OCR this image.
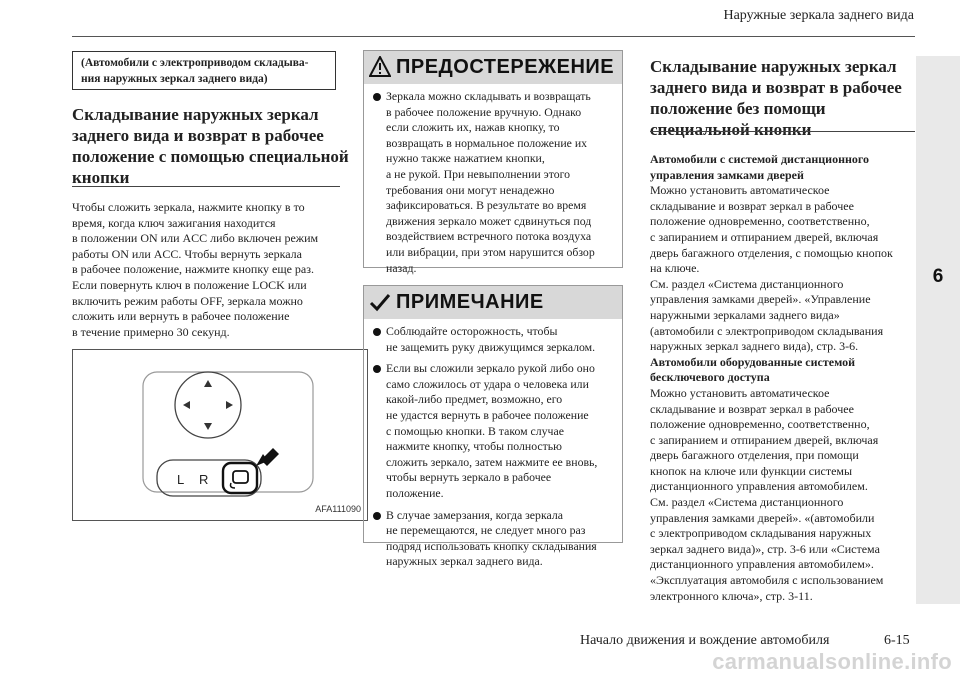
Наружные зеркала заднего вида
6
(Автомобили с электроприводом складыва-
ния наружных зеркал заднего вида)
Складывание наружных зеркал
заднего вида и возврат в рабочее
положение с помощью специальной
кнопки
Чтобы сложить зеркала, нажмите кнопку в то
время, когда ключ зажигания находится
в положении ON или ACC либо включен режим
работы ON или ACC. Чтобы вернуть зеркала
в рабочее положение, нажмите кнопку еще раз.
Если повернуть ключ в положение LOCK или
включить режим работы OFF, зеркала можно
сложить или вернуть в рабочее положение
в течение примерно 30 секунд.
L R
AFA111090
ПРЕДОСТЕРЕЖЕНИЕ
Зеркала можно складывать и возвращать
в рабочее положение вручную. Однако
если сложить их, нажав кнопку, то
возвращать в нормальное положение их
нужно также нажатием кнопки,
а не рукой. При невыполнении этого
требования они могут ненадежно
зафиксироваться. В результате во время
движения зеркало может сдвинуться под
воздействием встречного потока воздуха
или вибрации, при этом нарушится обзор
назад.
ПРИМЕЧАНИЕ
Соблюдайте осторожность, чтобы
не защемить руку движущимся зеркалом.
Если вы сложили зеркало рукой либо оно
само сложилось от удара о человека или
какой-либо предмет, возможно, его
не удастся вернуть в рабочее положение
с помощью кнопки. В таком случае
нажмите кнопку, чтобы полностью
сложить зеркало, затем нажмите ее вновь,
чтобы вернуть зеркало в рабочее
положение.
В случае замерзания, когда зеркала
не перемещаются, не следует много раз
подряд использовать кнопку складывания
наружных зеркал заднего вида.
Складывание наружных зеркал
заднего вида и возврат в рабочее
положение без помощи
специальной кнопки
Автомобили с системой дистанционного
управления замками дверей
Можно установить автоматическое
складывание и возврат зеркал в рабочее
положение одновременно, соответственно,
с запиранием и отпиранием дверей, включая
дверь багажного отделения, с помощью кнопок
на ключе.
См. раздел «Система дистанционного
управления замками дверей». «Управление
наружными зеркалами заднего вида»
(автомобили с электроприводом складывания
наружных зеркал заднего вида), стр. 3-6.
Автомобили оборудованные системой
бесключевого доступа
Можно установить автоматическое
складывание и возврат зеркал в рабочее
положение одновременно, соответственно,
с запиранием и отпиранием дверей, включая
дверь багажного отделения, при помощи
кнопок на ключе или функции системы
дистанционного управления автомобилем.
См. раздел «Система дистанционного
управления замками дверей». «(автомобили
с электроприводом складывания наружных
зеркал заднего вида)», стр. 3-6 или «Система
дистанционного управления автомобилем».
«Эксплуатация автомобиля с использованием
электронного ключа», стр. 3-11.
Начало движения и вождение автомобиля	6-15
carmanualsonline.info
